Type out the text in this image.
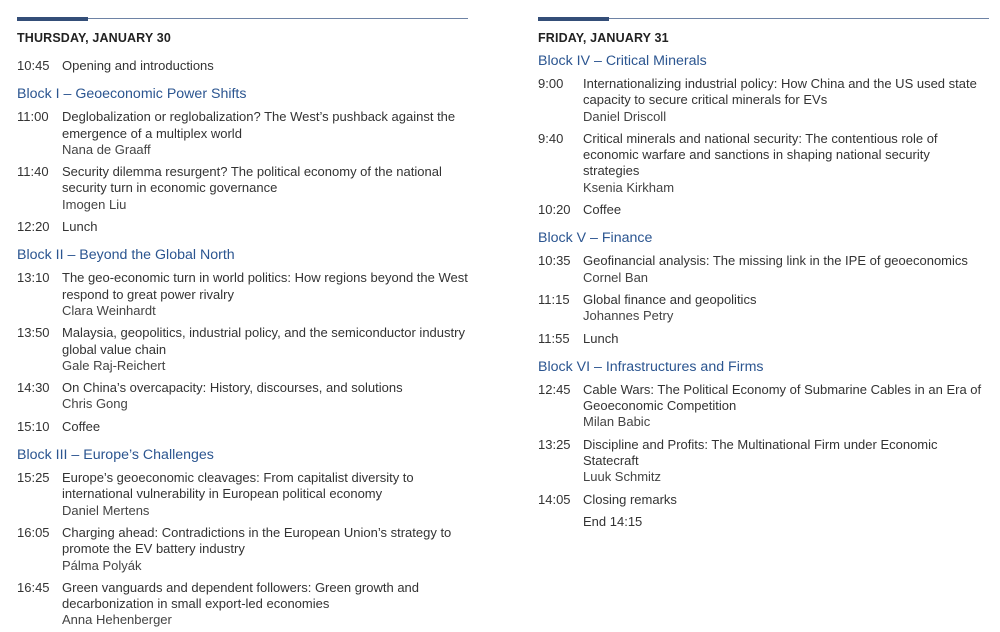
THURSDAY, JANUARY 30
10:45 Opening and introductions
Block I – Geoeconomic Power Shifts
11:00 Deglobalization or reglobalization? The West’s pushback against the emergence of a multiplex world
Nana de Graaff
11:40 Security dilemma resurgent? The political economy of the national security turn in economic governance
Imogen Liu
12:20 Lunch
Block II – Beyond the Global North
13:10 The geo-economic turn in world politics: How regions beyond the West respond to great power rivalry
Clara Weinhardt
13:50 Malaysia, geopolitics, industrial policy, and the semiconductor industry global value chain
Gale Raj-Reichert
14:30 On China’s overcapacity: History, discourses, and solutions
Chris Gong
15:10 Coffee
Block III – Europe’s Challenges
15:25 Europe’s geoeconomic cleavages: From capitalist diversity to international vulnerability in European political economy
Daniel Mertens
16:05 Charging ahead: Contradictions in the European Union’s strategy to promote the EV battery industry
Pálma Polyák
16:45 Green vanguards and dependent followers: Green growth and decarbonization in small export-led economies
Anna Hehenberger
FRIDAY, JANUARY 31
Block IV – Critical Minerals
9:00 Internationalizing industrial policy: How China and the US used state capacity to secure critical minerals for EVs
Daniel Driscoll
9:40 Critical minerals and national security: The contentious role of economic warfare and sanctions in shaping national security strategies
Ksenia Kirkham
10:20 Coffee
Block V – Finance
10:35 Geofinancial analysis: The missing link in the IPE of geoeconomics
Cornel Ban
11:15 Global finance and geopolitics
Johannes Petry
11:55 Lunch
Block VI – Infrastructures and Firms
12:45 Cable Wars: The Political Economy of Submarine Cables in an Era of Geoeconomic Competition
Milan Babic
13:25 Discipline and Profits: The Multinational Firm under Economic Statecraft
Luuk Schmitz
14:05 Closing remarks
End 14:15
